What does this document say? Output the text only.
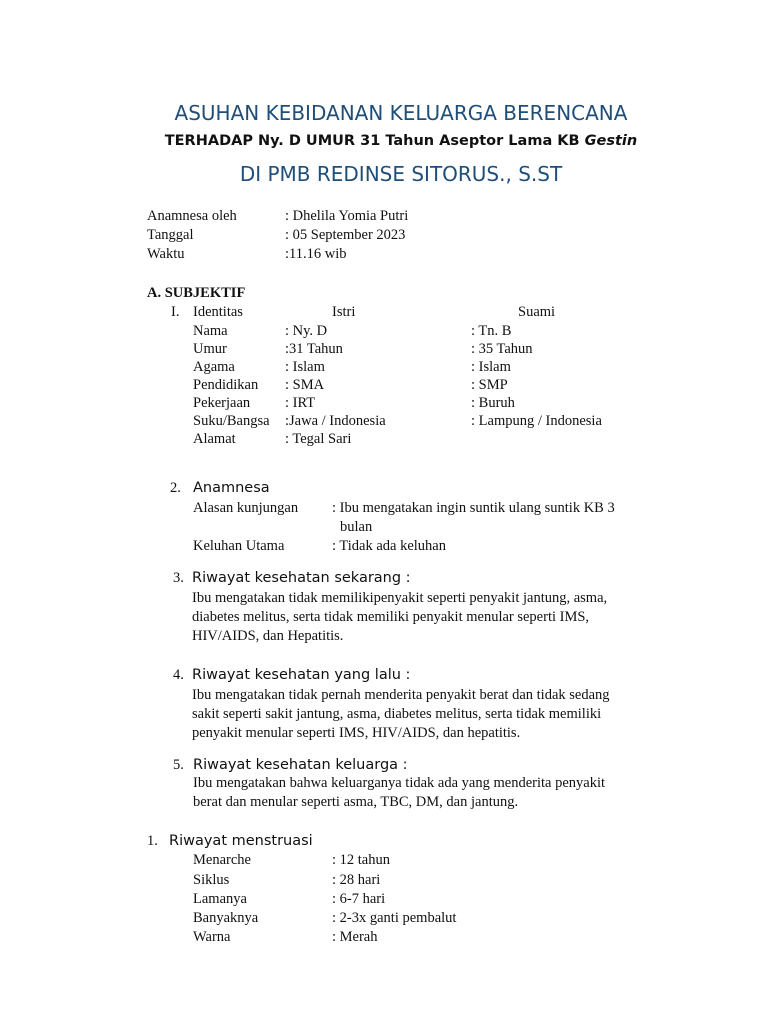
ASUHAN KEBIDANAN KELUARGA BERENCANA
TERHADAP Ny. D UMUR 31 Tahun Aseptor Lama KB Gestin
DI PMB REDINSE SITORUS., S.ST
Anamnesa oleh	: Dhelila Yomia Putri
Tanggal	: 05 September 2023
Waktu	:11.16 wib
A. SUBJEKTIF
I. Identitas	Istri	Suami
Nama	: Ny. D	: Tn. B
Umur	:31 Tahun	: 35 Tahun
Agama	: Islam	: Islam
Pendidikan : SMA	: SMP
Pekerjaan : IRT	: Buruh
Suku/Bangsa :Jawa / Indonesia	: Lampung / Indonesia
Alamat	: Tegal Sari
2. Anamnesa
Alasan kunjungan : Ibu mengatakan ingin suntik ulang suntik KB 3
bulan
Keluhan Utama	: Tidak ada keluhan
3. Riwayat kesehatan sekarang :
Ibu mengatakan tidak memilikipenyakit seperti penyakit jantung, asma,
diabetes melitus, serta tidak memiliki penyakit menular seperti IMS,
HIV/AIDS, dan Hepatitis.
4. Riwayat kesehatan yang lalu :
Ibu mengatakan tidak pernah menderita penyakit berat dan tidak sedang
sakit seperti sakit jantung, asma, diabetes melitus, serta tidak memiliki
penyakit menular seperti IMS, HIV/AIDS, dan hepatitis.
5. Riwayat kesehatan keluarga :
Ibu mengatakan bahwa keluarganya tidak ada yang menderita penyakit
berat dan menular seperti asma, TBC, DM, dan jantung.
1. Riwayat menstruasi
Menarche	: 12 tahun
Siklus	: 28 hari
Lamanya	: 6-7 hari
Banyaknya	: 2-3x ganti pembalut
Warna	: Merah
